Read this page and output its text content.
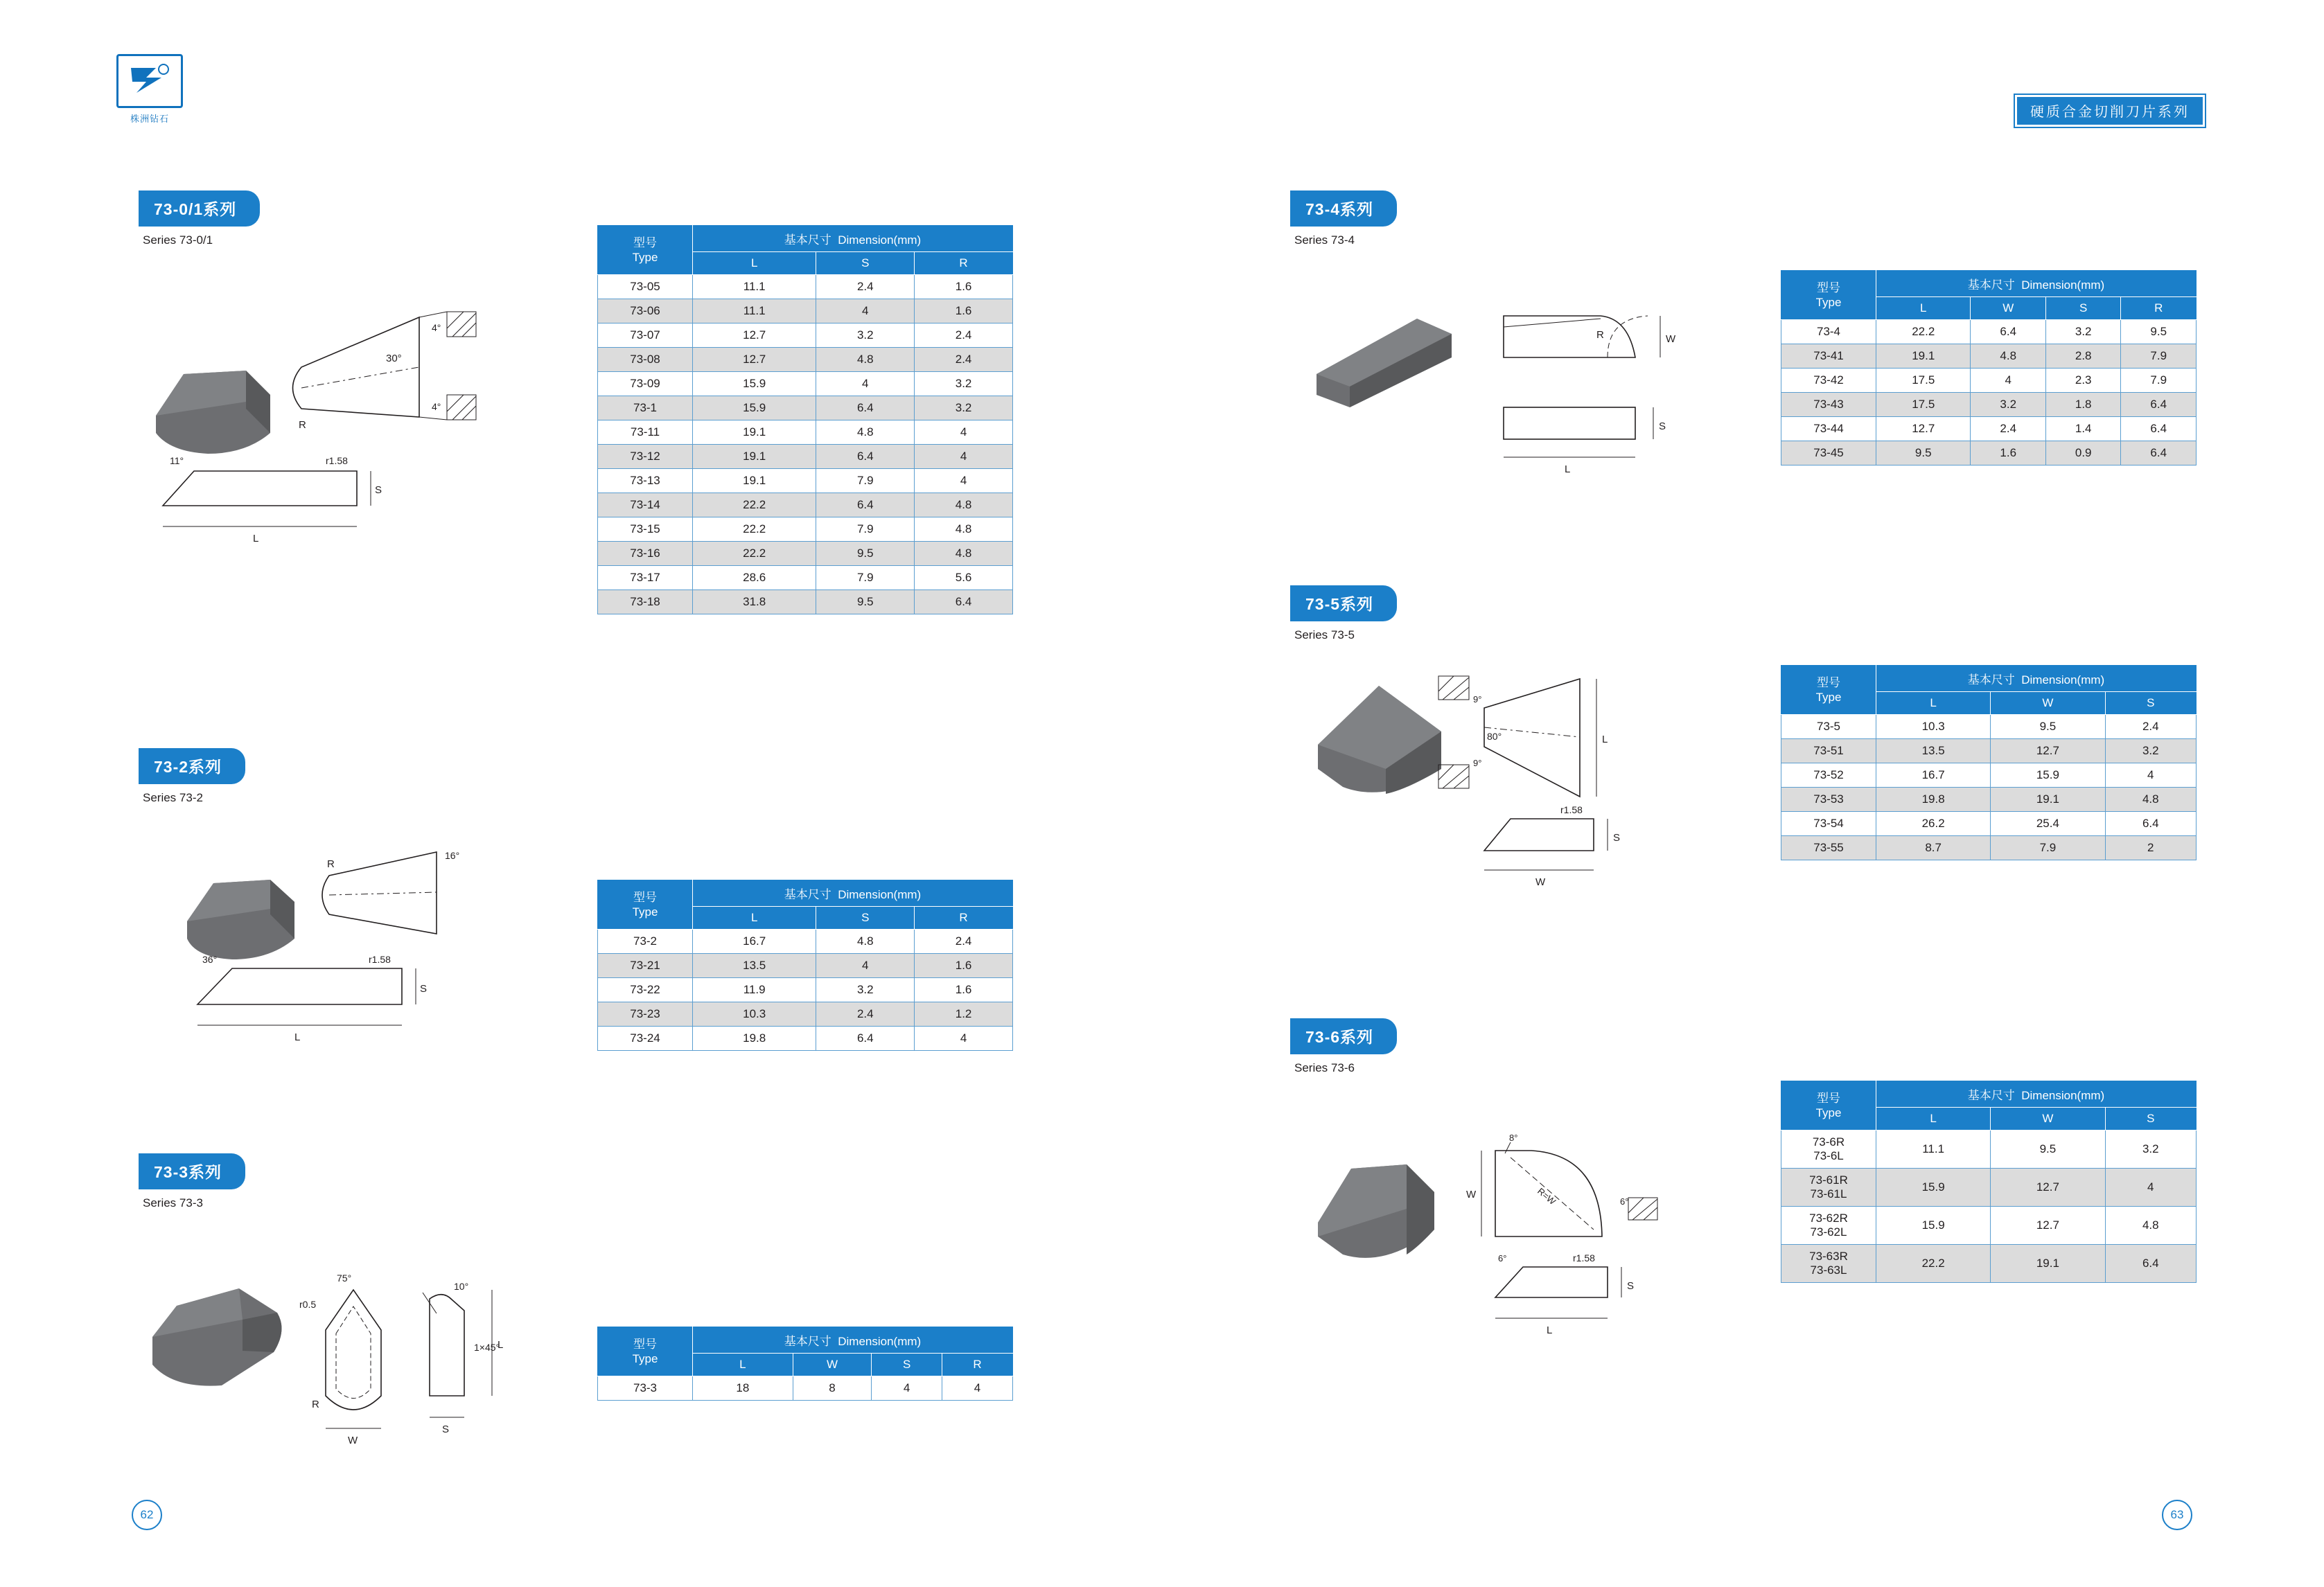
株洲钻石	硬质合金切削刀片系列
73-0/1系列
Series 73-0/1
R
30°
4°
4°
11°	r1.58
S
L
型号
Type	基本尺寸 Dimension(mm)		
	L	S	R
73-05	11.1	2.4	1.6
73-06	11.1	4	1.6
73-07	12.7	3.2	2.4
73-08	12.7	4.8	2.4
73-09	15.9	4	3.2
73-1	15.9	6.4	3.2
73-11	19.1	4.8	4
73-12	19.1	6.4	4
73-13	19.1	7.9	4
73-14	22.2	6.4	4.8
73-15	22.2	7.9	4.8
73-16	22.2	9.5	4.8
73-17	28.6	7.9	5.6
73-18	31.8	9.5	6.4
73-2系列
Series 73-2
R
16°
36°	r1.58
S
L
型号
Type	基本尺寸 Dimension(mm)		
	L	S	R
73-2	16.7	4.8	2.4
73-21	13.5	4	1.6
73-22	11.9	3.2	1.6
73-23	10.3	2.4	1.2
73-24	19.8	6.4	4
73-3系列
Series 73-3
75°
r0.5
R
W
10°
1×45°
L
S
型号
Type	基本尺寸 Dimension(mm)			
	L	W	S	R
73-3	18	8	4	4
73-4系列
Series 73-4
R	W
S
L
型号
Type	基本尺寸 Dimension(mm)			
	L	W	S	R
73-4	22.2	6.4	3.2	9.5
73-41	19.1	4.8	2.8	7.9
73-42	17.5	4	2.3	7.9
73-43	17.5	3.2	1.8	6.4
73-44	12.7	2.4	1.4	6.4
73-45	9.5	1.6	0.9	6.4
73-5系列
Series 73-5
80°
9°
9°
L
r1.58
S
W
型号
Type	基本尺寸 Dimension(mm)		
	L	W	S
73-5	10.3	9.5	2.4
73-51	13.5	12.7	3.2
73-52	16.7	15.9	4
73-53	19.8	19.1	4.8
73-54	26.2	25.4	6.4
73-55	8.7	7.9	2
73-6系列
Series 73-6
8°
R=W
W
6°
6°	r1.58
S
L
型号
Type	基本尺寸 Dimension(mm)		
	L	W	S
73-6R
73-6L	11.1	9.5	3.2
73-61R
73-61L	15.9	12.7	4
73-62R
73-62L	15.9	12.7	4.8
73-63R
73-63L	22.2	19.1	6.4
62	63
